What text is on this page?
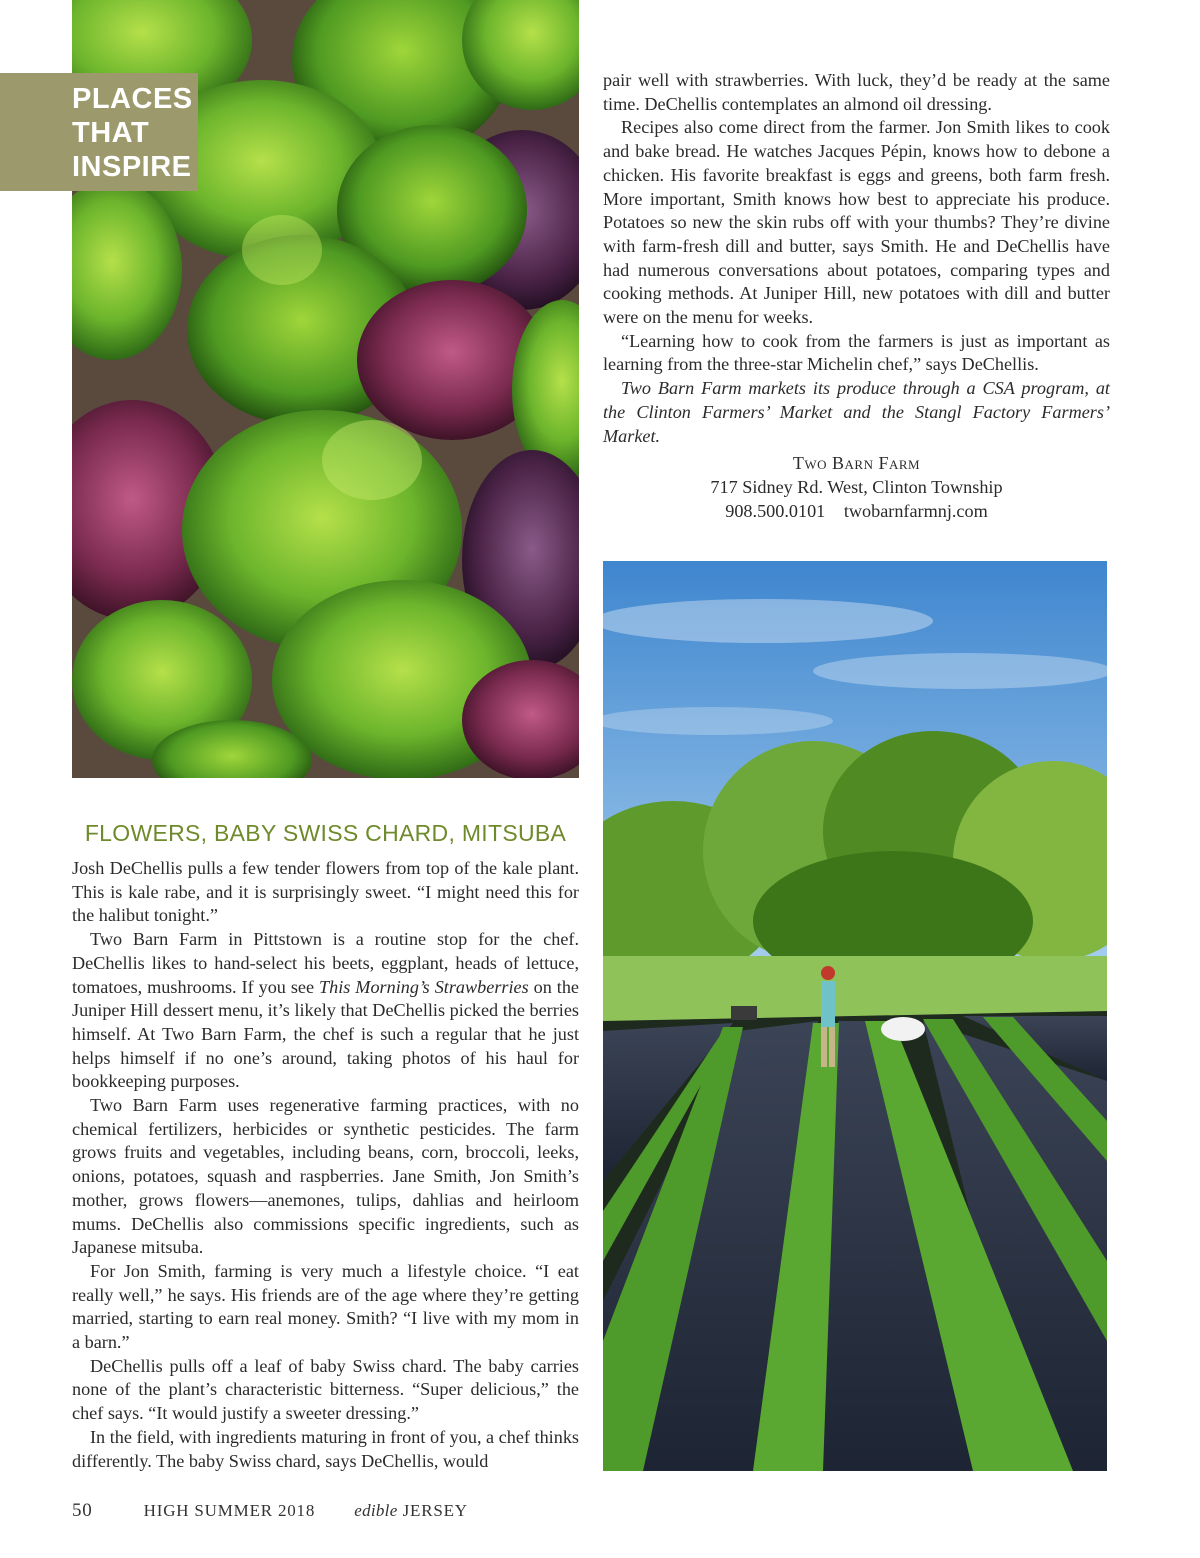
PLACES
THAT
INSPIRE
FLOWERS, BABY SWISS CHARD, MITSUBA

Josh DeChellis pulls a few tender flowers from top of the kale plant. This is kale rabe, and it is surprisingly sweet. “I might need this for the halibut tonight.”

Two Barn Farm in Pittstown is a routine stop for the chef. DeChellis likes to hand-select his beets, eggplant, heads of lettuce, tomatoes, mushrooms. If you see This Morning’s Strawberries on the Juniper Hill dessert menu, it’s likely that DeChellis picked the berries himself. At Two Barn Farm, the chef is such a regular that he just helps himself if no one’s around, taking photos of his haul for bookkeeping purposes.

Two Barn Farm uses regenerative farming practices, with no chemical fertilizers, herbicides or synthetic pesticides. The farm grows fruits and vegetables, including beans, corn, broccoli, leeks, onions, potatoes, squash and raspberries. Jane Smith, Jon Smith’s mother, grows flowers—anemones, tulips, dahlias and heirloom mums. DeChellis also commissions specific ingredients, such as Japanese mitsuba.

For Jon Smith, farming is very much a lifestyle choice. “I eat really well,” he says. His friends are of the age where they’re getting married, starting to earn real money. Smith? “I live with my mom in a barn.”

DeChellis pulls off a leaf of baby Swiss chard. The baby carries none of the plant’s characteristic bitterness. “Super delicious,” the chef says. “It would justify a sweeter dressing.”

In the field, with ingredients maturing in front of you, a chef thinks differently. The baby Swiss chard, says DeChellis, would

pair well with strawberries. With luck, they’d be ready at the same time. DeChellis contemplates an almond oil dressing.

Recipes also come direct from the farmer. Jon Smith likes to cook and bake bread. He watches Jacques Pépin, knows how to debone a chicken. His favorite breakfast is eggs and greens, both farm fresh. More important, Smith knows how best to appreciate his produce. Potatoes so new the skin rubs off with your thumbs? They’re divine with farm-fresh dill and butter, says Smith. He and DeChellis have had numerous conversations about potatoes, comparing types and cooking methods. At Juniper Hill, new potatoes with dill and butter were on the menu for weeks.

“Learning how to cook from the farmers is just as important as learning from the three-star Michelin chef,” says DeChellis.

Two Barn Farm markets its produce through a CSA program, at the Clinton Farmers’ Market and the Stangl Factory Farmers’ Market.

Two Barn Farm
717 Sidney Rd. West, Clinton Township
908.500.0101 twobarnfarmnj.com
50	HIGH SUMMER 2018 edible JERSEY
